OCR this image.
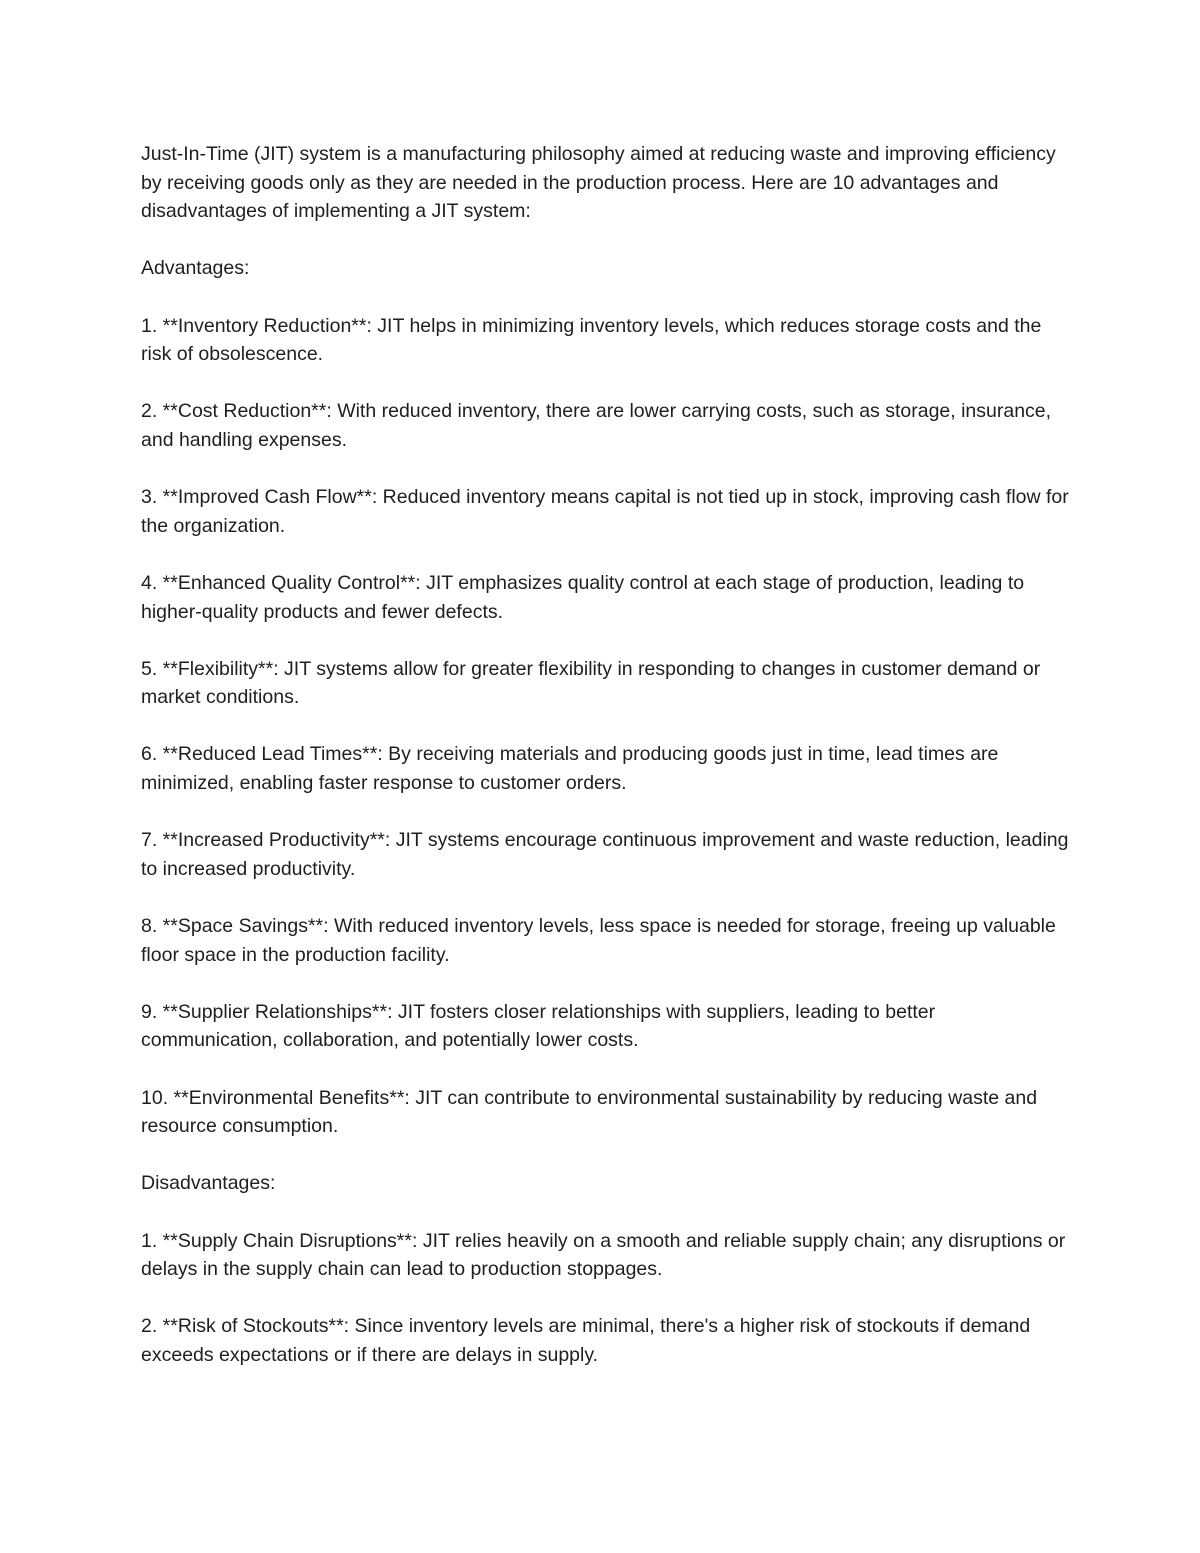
Just-In-Time (JIT) system is a manufacturing philosophy aimed at reducing waste and improving efficiency by receiving goods only as they are needed in the production process. Here are 10 advantages and disadvantages of implementing a JIT system:

Advantages:

1. **Inventory Reduction**: JIT helps in minimizing inventory levels, which reduces storage costs and the risk of obsolescence.

2. **Cost Reduction**: With reduced inventory, there are lower carrying costs, such as storage, insurance, and handling expenses.

3. **Improved Cash Flow**: Reduced inventory means capital is not tied up in stock, improving cash flow for the organization.

4. **Enhanced Quality Control**: JIT emphasizes quality control at each stage of production, leading to higher-quality products and fewer defects.

5. **Flexibility**: JIT systems allow for greater flexibility in responding to changes in customer demand or market conditions.

6. **Reduced Lead Times**: By receiving materials and producing goods just in time, lead times are minimized, enabling faster response to customer orders.

7. **Increased Productivity**: JIT systems encourage continuous improvement and waste reduction, leading to increased productivity.

8. **Space Savings**: With reduced inventory levels, less space is needed for storage, freeing up valuable floor space in the production facility.

9. **Supplier Relationships**: JIT fosters closer relationships with suppliers, leading to better communication, collaboration, and potentially lower costs.

10. **Environmental Benefits**: JIT can contribute to environmental sustainability by reducing waste and resource consumption.

Disadvantages:

1. **Supply Chain Disruptions**: JIT relies heavily on a smooth and reliable supply chain; any disruptions or delays in the supply chain can lead to production stoppages.

2. **Risk of Stockouts**: Since inventory levels are minimal, there's a higher risk of stockouts if demand exceeds expectations or if there are delays in supply.
